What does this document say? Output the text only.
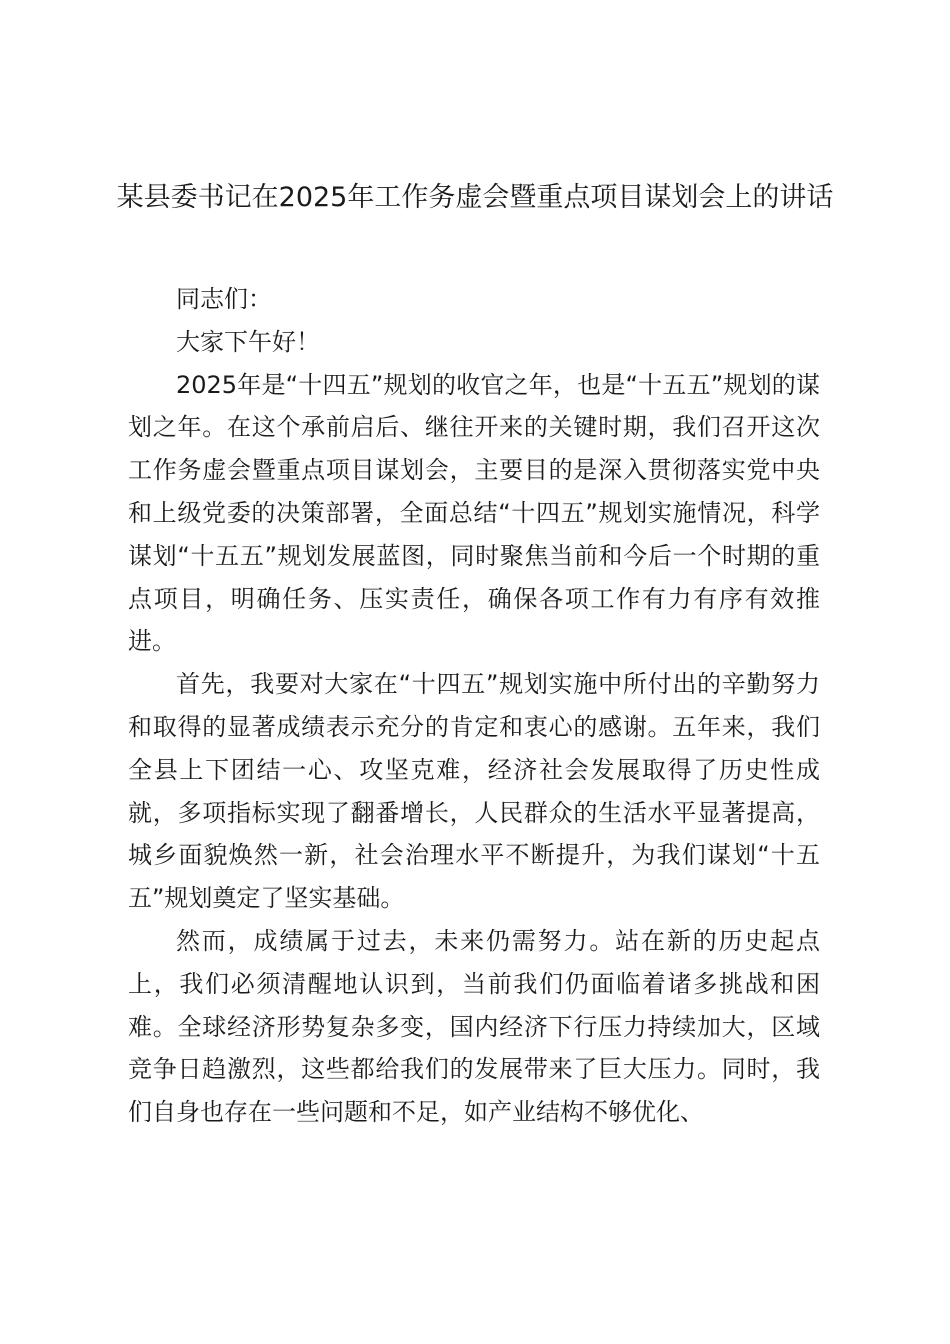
某县委书记在2025年工作务虚会暨重点项目谋划会上的讲话

同志们：

大家下午好！

2025年是“十四五”规划的收官之年，也是“十五五”规划的谋划之年。在这个承前启后、继往开来的关键时期，我们召开这次工作务虚会暨重点项目谋划会，主要目的是深入贯彻落实党中央和上级党委的决策部署，全面总结“十四五”规划实施情况，科学谋划“十五五”规划发展蓝图，同时聚焦当前和今后一个时期的重点项目，明确任务、压实责任，确保各项工作有力有序有效推进。

首先，我要对大家在“十四五”规划实施中所付出的辛勤努力和取得的显著成绩表示充分的肯定和衷心的感谢。五年来，我们全县上下团结一心、攻坚克难，经济社会发展取得了历史性成就，多项指标实现了翻番增长，人民群众的生活水平显著提高，城乡面貌焕然一新，社会治理水平不断提升，为我们谋划“十五五”规划奠定了坚实基础。

然而，成绩属于过去，未来仍需努力。站在新的历史起点上，我们必须清醒地认识到，当前我们仍面临着诸多挑战和困难。全球经济形势复杂多变，国内经济下行压力持续加大，区域竞争日趋激烈，这些都给我们的发展带来了巨大压力。同时，我们自身也存在一些问题和不足，如产业结构不够优化、
